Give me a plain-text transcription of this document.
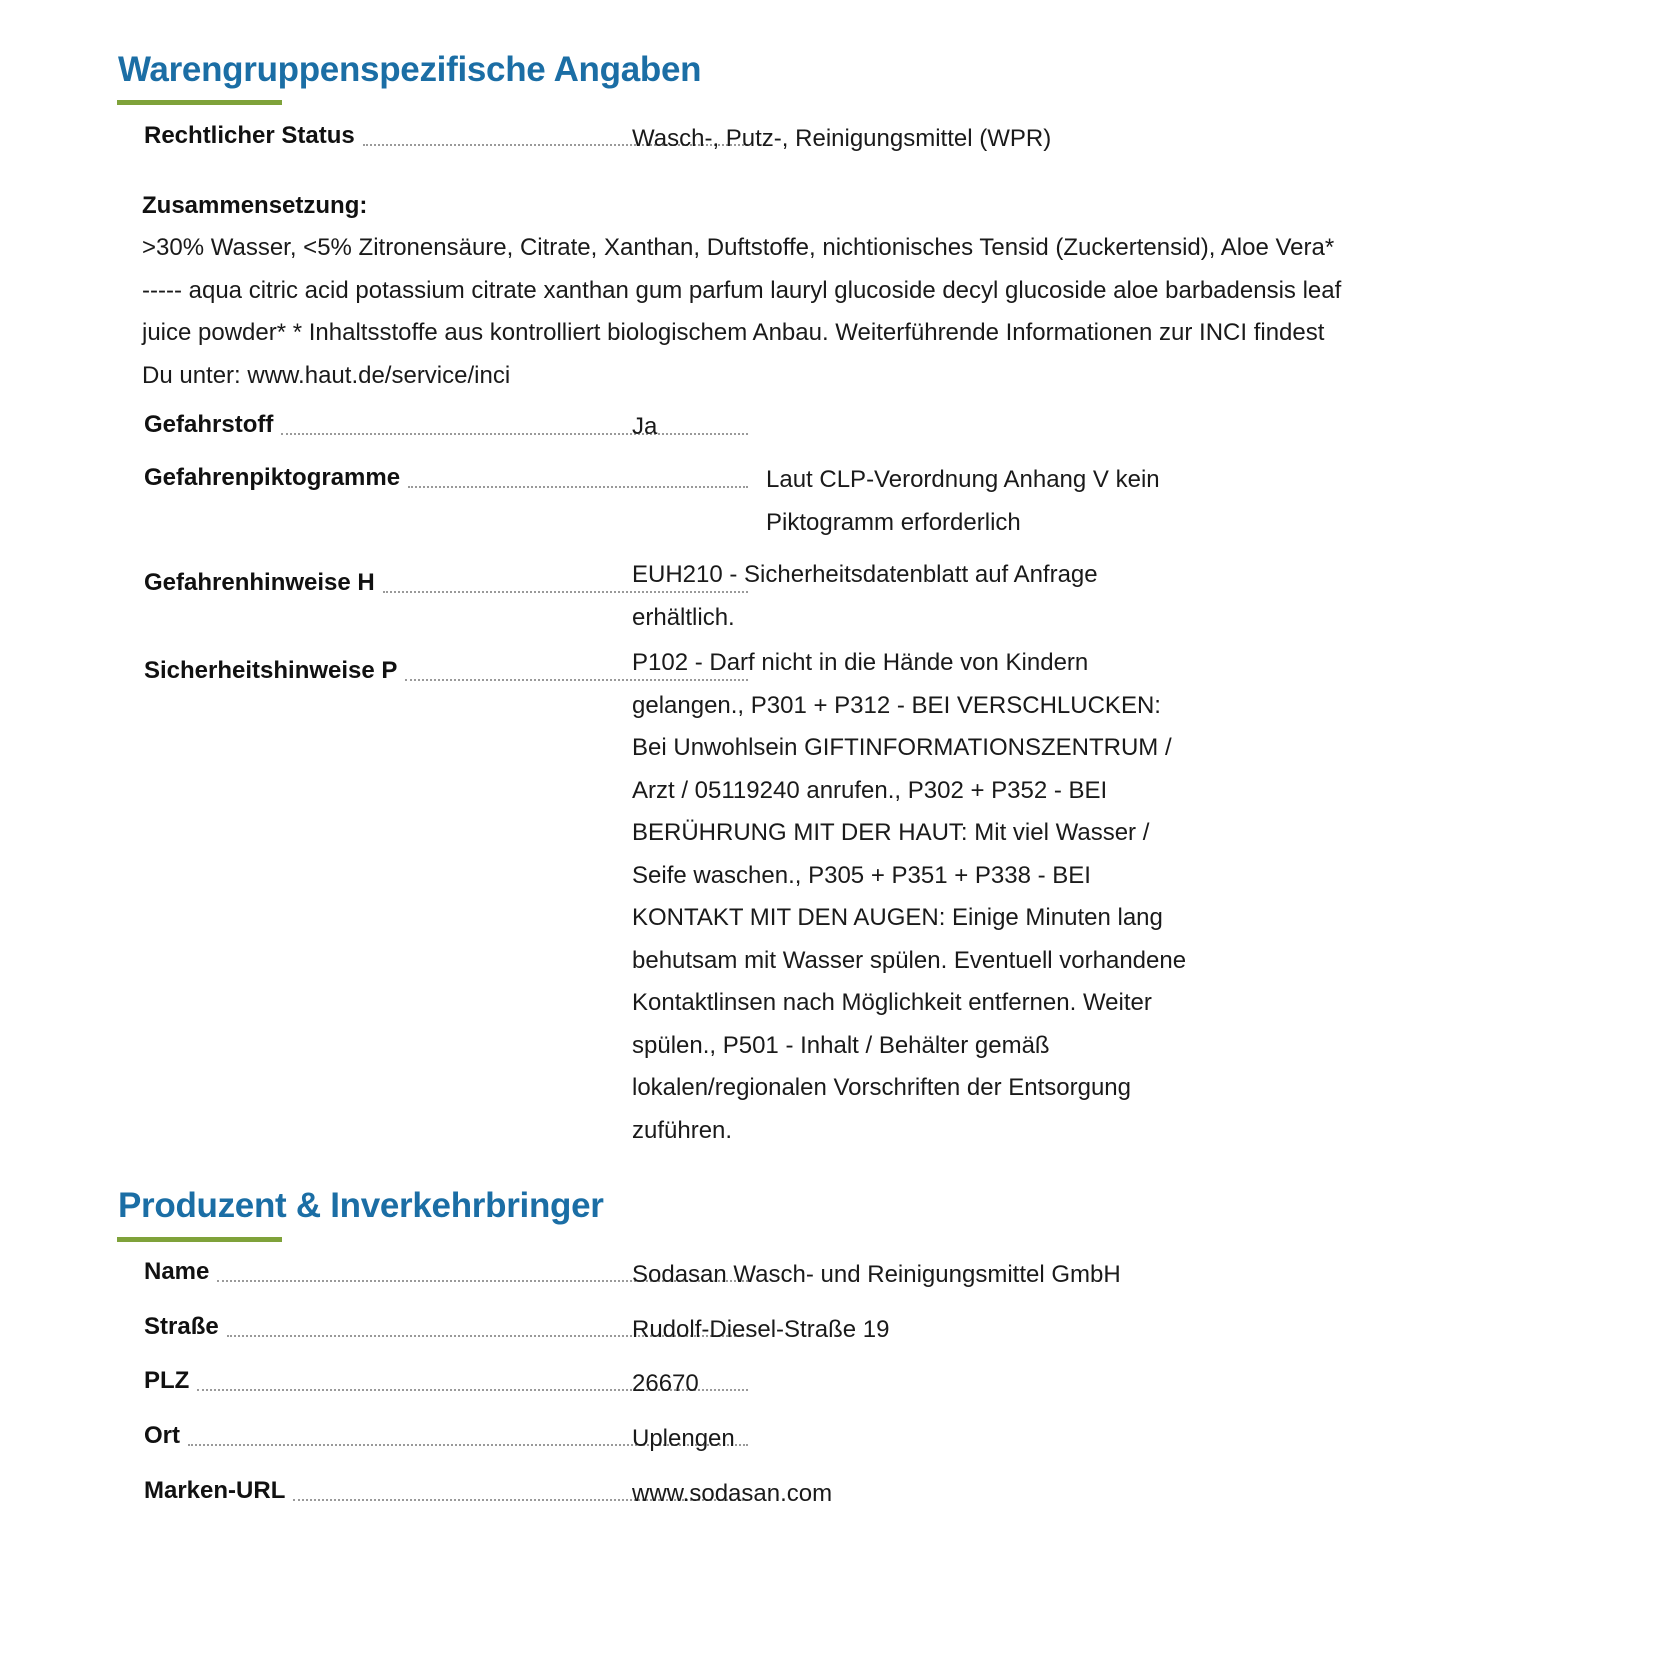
Warengruppenspezifische Angaben
Rechtlicher Status	Wasch-, Putz-, Reinigungsmittel (WPR)
Zusammensetzung:
>30% Wasser, <5% Zitronensäure, Citrate, Xanthan, Duftstoffe, nichtionisches Tensid (Zuckertensid), Aloe Vera* ----- aqua citric acid potassium citrate xanthan gum parfum lauryl glucoside decyl glucoside aloe barbadensis leaf juice powder* * Inhaltsstoffe aus kontrolliert biologischem Anbau. Weiterführende Informationen zur INCI findest Du unter: www.haut.de/service/inci
Gefahrstoff	Ja
Gefahrenpiktogramme	Laut CLP-Verordnung Anhang V kein Piktogramm erforderlich
Gefahrenhinweise H	EUH210 - Sicherheitsdatenblatt auf Anfrage erhältlich.
Sicherheitshinweise P	P102 - Darf nicht in die Hände von Kindern gelangen., P301 + P312 - BEI VERSCHLUCKEN: Bei Unwohlsein GIFTINFORMATIONSZENTRUM / Arzt / 05119240 anrufen., P302 + P352 - BEI BERÜHRUNG MIT DER HAUT: Mit viel Wasser / Seife waschen., P305 + P351 + P338 - BEI KONTAKT MIT DEN AUGEN: Einige Minuten lang behutsam mit Wasser spülen. Eventuell vorhandene Kontaktlinsen nach Möglichkeit entfernen. Weiter spülen., P501 - Inhalt / Behälter gemäß lokalen/regionalen Vorschriften der Entsorgung zuführen.
Produzent & Inverkehrbringer
Name	Sodasan Wasch- und Reinigungsmittel GmbH
Straße	Rudolf-Diesel-Straße 19
PLZ	26670
Ort	Uplengen
Marken-URL	www.sodasan.com
